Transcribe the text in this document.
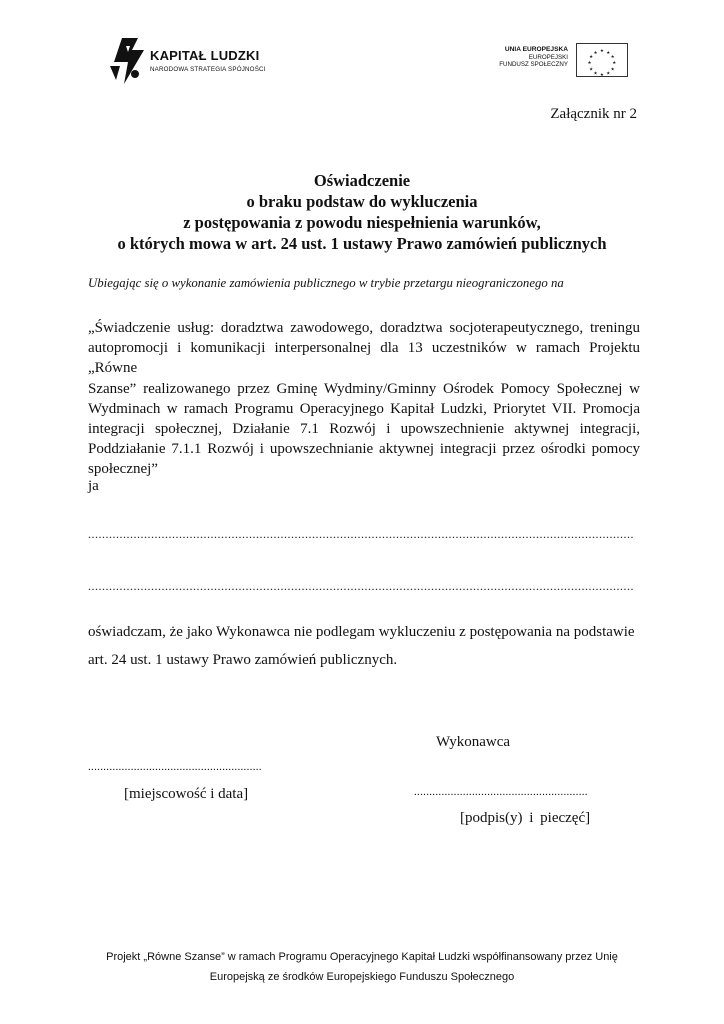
KAPITAŁ LUDZKI
NARODOWA STRATEGIA SPÓJNOŚCI
UNIA EUROPEJSKA
EUROPEJSKI
FUNDUSZ SPOŁECZNY
★ ★
★
★
★
★
★
★
★
★
★
★
Załącznik nr 2
Oświadczenie
o braku podstaw do wykluczenia
z postępowania z powodu niespełnienia warunków,
o których mowa w art. 24 ust. 1 ustawy Prawo zamówień publicznych
Ubiegając się o wykonanie zamówienia publicznego w trybie przetargu nieograniczonego na
„Świadczenie usług: doradztwa zawodowego, doradztwa socjoterapeutycznego, treningu
autopromocji i komunikacji interpersonalnej dla 13 uczestników w ramach Projektu „Równe
Szanse” realizowanego przez Gminę Wydminy/Gminny Ośrodek Pomocy Społecznej w
Wydminach w ramach Programu Operacyjnego Kapitał Ludzki, Priorytet VII. Promocja
integracji społecznej, Działanie 7.1 Rozwój i upowszechnienie aktywnej integracji,
Poddziałanie 7.1.1 Rozwój i upowszechnianie aktywnej integracji przez ośrodki pomocy
społecznej”
ja
............................................................................................................................................................
............................................................................................................................................................
oświadczam, że jako Wykonawca nie podlegam wykluczeniu z postępowania na podstawie
art. 24 ust. 1 ustawy Prawo zamówień publicznych.
Wykonawca
.........................................................
[miejscowość i data]	.........................................................
[podpis(y) i pieczęć]
Projekt „Równe Szanse” w ramach Programu Operacyjnego Kapitał Ludzki współfinansowany przez Unię
Europejską ze środków Europejskiego Funduszu Społecznego
